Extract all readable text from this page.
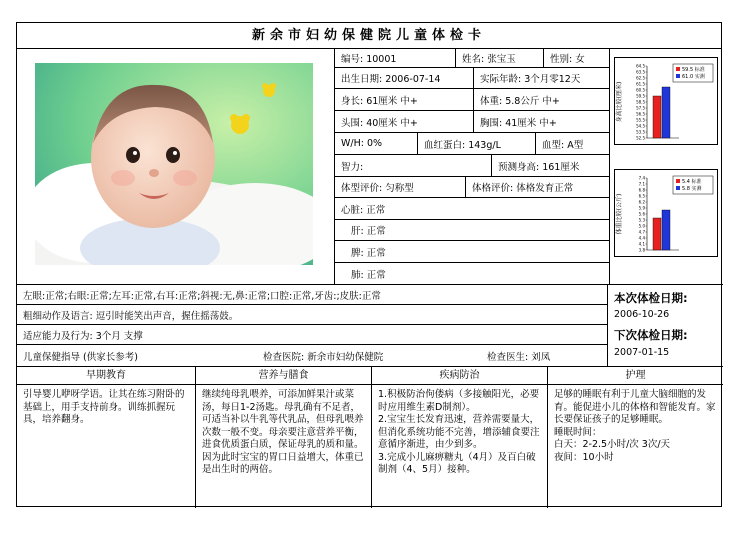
新余市妇幼保健院儿童体检卡
编号: 10001	姓名: 张宝玉	性别: 女
出生日期: 2006-07-14	实际年龄: 3个月零12天
身长: 61厘米 中+	体重: 5.8公斤 中+
头围: 40厘米 中+	胸围: 41厘米 中+
W/H: 0%	血红蛋白: 143g/L	血型: A型
智力:	预测身高: 161厘米
体型评价: 匀称型	体格评价: 体格发育正常
心脏: 正常
肝: 正常
脾: 正常
肺: 正常
身高比较(厘米)
64.5
63.5
62.5
61.5
60.5
59.5
58.5
57.5
56.5
55.5
54.5
53.5
52.5
59.5 标准
61.0 实测
体重比较(公斤)
7.4
7.1
6.8
6.5
6.2
5.9
5.6
5.3
5.0
4.7
4.4
4.1
3.8
5.4 标准
5.8 实测
左眼:正常;右眼:正常;左耳:正常,右耳:正常;斜视:无,鼻:正常;口腔:正常,牙齿:;皮肤:正常
粗细动作及语言: 逗引时能笑出声音，握住摇荡鼓。
适应能力及行为: 3个月 支撑
儿童保健指导 (供家长参考)	检查医院: 新余市妇幼保健院	检查医生: 刘凤
本次体检日期:
2006-10-26
下次体检日期:
2007-01-15
早期教育
引导婴儿咿呀学语。让其在练习附卧的基础上，用手支持前身。训练抓握玩具，培养翻身。
营养与膳食
继续纯母乳喂养，可添加鲜果汁或菜汤，每日1-2汤匙。母乳确有不足者，可适当补以牛乳等代乳品，但母乳喂养次数一般不变。母亲要注意营养平衡，进食优质蛋白质，保证母乳的质和量。因为此时宝宝的胃口日益增大，体重已是出生时的两倍。
疾病防治
1.积极防治佝偻病（多接触阳光，必要时应用维生素D制剂）。
2.宝宝生长发育迅速，营养需要量大，但消化系统功能不完善，增添辅食要注意循序渐进，由少到多。
3.完成小儿麻痹糖丸（4月）及百白破制剂（4、5月）接种。
护理
足够的睡眠有利于儿童大脑细胞的发育。能促进小儿的体格和智能发育。家长要保证孩子的足够睡眠。
睡眠时间：
白天：2-2.5小时/次 3次/天
夜间：10小时
